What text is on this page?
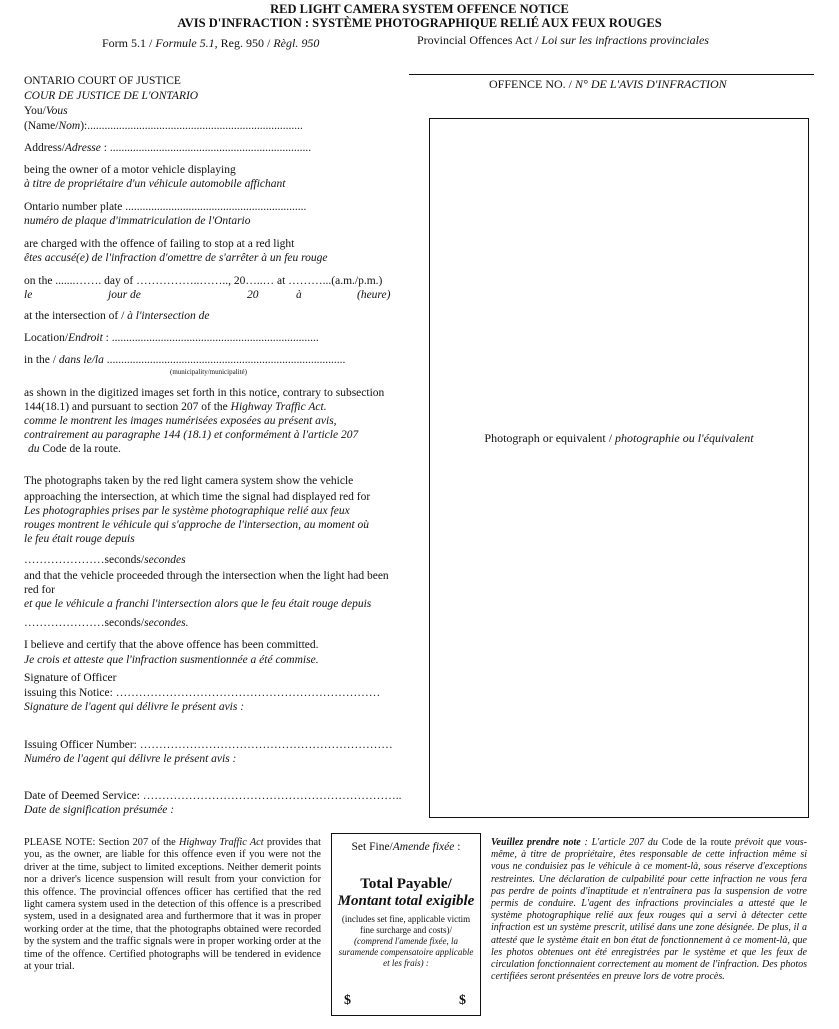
RED LIGHT CAMERA SYSTEM OFFENCE NOTICE
AVIS D'INFRACTION : SYSTÈME PHOTOGRAPHIQUE RELIÉ AUX FEUX ROUGES
Form 5.1 / Formule 5.1, Reg. 950 / Règl. 950	Provincial Offences Act / Loi sur les infractions provinciales
ONTARIO COURT OF JUSTICE
COUR DE JUSTICE DE L'ONTARIO
You/Vous
OFFENCE NO. / N° DE L'AVIS D'INFRACTION
(Name/Nom):...........................................................................
Address/Adresse : ......................................................................
being the owner of a motor vehicle displaying
à titre de propriétaire d'un véhicule automobile affichant
Ontario number plate ...............................................................
numéro de plaque d'immatriculation de l'Ontario
are charged with the offence of failing to stop at a red light
êtes accusé(e) de l'infraction d'omettre de s'arrêter à un feu rouge
on the .......……. day of ……………..…….., 20…..… at ………...(a.m./p.m.)
le	jour de	20	à	(heure)
at the intersection of / à l'intersection de
Location/Endroit : ........................................................................
in the / dans le/la ...................................................................................
(municipality/municipalité)
as shown in the digitized images set forth in this notice, contrary to subsection
144(18.1) and pursuant to section 207 of the Highway Traffic Act.
comme le montrent les images numérisées exposées au présent avis,
contrairement au paragraphe 144 (18.1) et conformément à l'article 207
du Code de la route.
The photographs taken by the red light camera system show the vehicle
approaching the intersection, at which time the signal had displayed red for
Les photographies prises par le système photographique relié aux feux
rouges montrent le véhicule qui s'approche de l'intersection, au moment où
le feu était rouge depuis
…………………seconds/secondes
and that the vehicle proceeded through the intersection when the light had been
red for
et que le véhicule a franchi l'intersection alors que le feu était rouge depuis
…………………seconds/secondes.
I believe and certify that the above offence has been committed.
Je crois et atteste que l'infraction susmentionnée a été commise.
Signature of Officer
issuing this Notice: ……………………………………………………………
Signature de l'agent qui délivre le présent avis :
Issuing Officer Number: …………………………………………………………
Numéro de l'agent qui délivre le présent avis :
Date of Deemed Service: …………………………………………………………..
Date de signification présumée :
Photograph or equivalent / photographie ou l'équivalent
PLEASE NOTE: Section 207 of the Highway Traffic Act provides that you, as the owner, are liable for this offence even if you were not the driver at the time, subject to limited exceptions. Neither demerit points nor a driver's licence suspension will result from your conviction for this offence. The provincial offences officer has certified that the red light camera system used in the detection of this offence is a prescribed system, used in a designated area and furthermore that it was in proper working order at the time, that the photographs obtained were recorded by the system and the traffic signals were in proper working order at the time of the offence. Certified photographs will be tendered in evidence at your trial.
Set Fine/Amende fixée :
Total Payable/
Montant total exigible
(includes set fine, applicable victim fine surcharge and costs)/
(comprend l'amende fixée, la suramende compensatoire applicable et les frais) :
$	$
Veuillez prendre note : L'article 207 du Code de la route prévoit que vous-même, à titre de propriétaire, êtes responsable de cette infraction même si vous ne conduisiez pas le véhicule à ce moment-là, sous réserve d'exceptions restreintes. Une déclaration de culpabilité pour cette infraction ne vous fera pas perdre de points d'inaptitude et n'entraînera pas la suspension de votre permis de conduire. L'agent des infractions provinciales a attesté que le système photographique relié aux feux rouges qui a servi à détecter cette infraction est un système prescrit, utilisé dans une zone désignée. De plus, il a attesté que le système était en bon état de fonctionnement à ce moment-là, que les photos obtenues ont été enregistrées par le système et que les feux de circulation fonctionnaient correctement au moment de l'infraction. Des photos certifiées seront présentées en preuve lors de votre procès.
